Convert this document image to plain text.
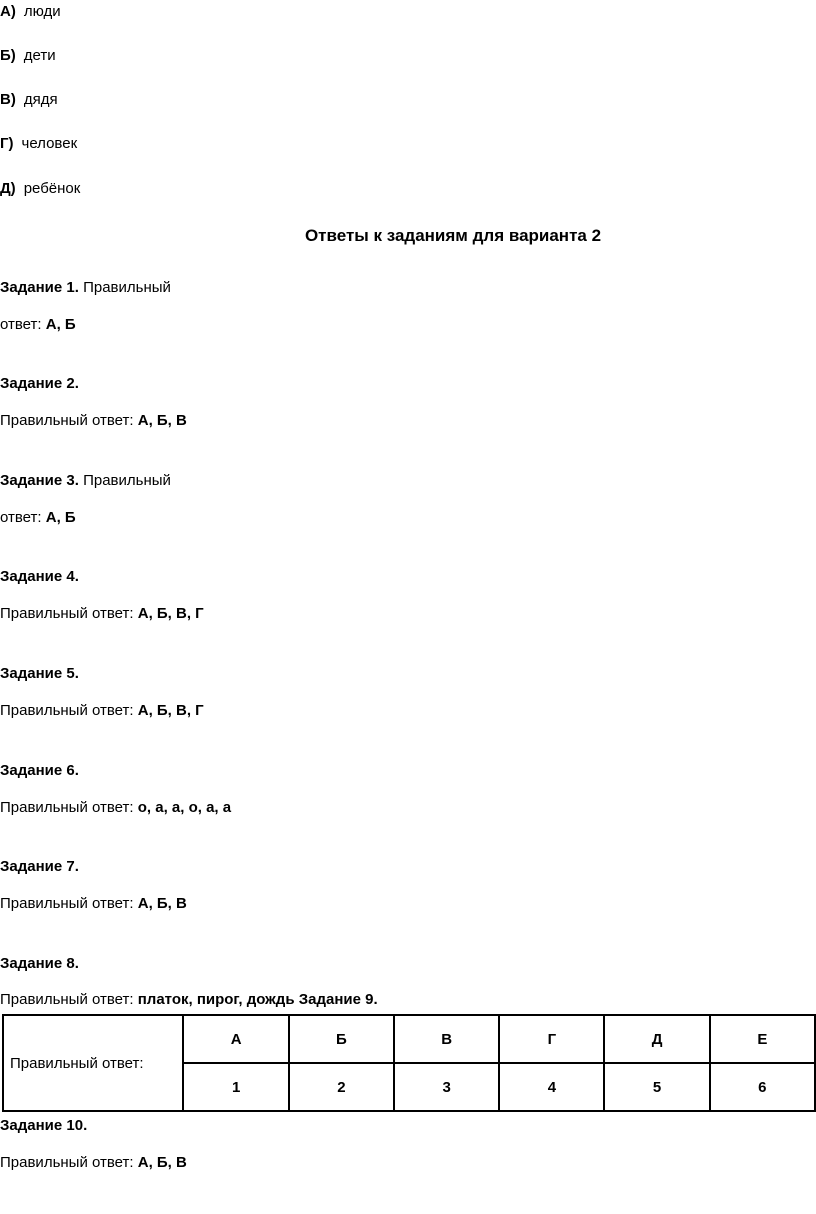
А) люди
Б) дети
В) дядя
Г) человек
Д) ребёнок
Ответы к заданиям для варианта 2
Задание 1. Правильный
ответ: А, Б
Задание 2.
Правильный ответ: А, Б, В
Задание 3. Правильный
ответ: А, Б
Задание 4.
Правильный ответ: А, Б, В, Г
Задание 5.
Правильный ответ: А, Б, В, Г
Задание 6.
Правильный ответ: о, а, а, о, а, а
Задание 7.
Правильный ответ: А, Б, В
Задание 8.
Правильный ответ: платок, пирог, дождь Задание 9.
Правильный ответ:	А	Б	В	Г	Д	Е
	1	2	3	4	5	6
Задание 10.
Правильный ответ: А, Б, В
